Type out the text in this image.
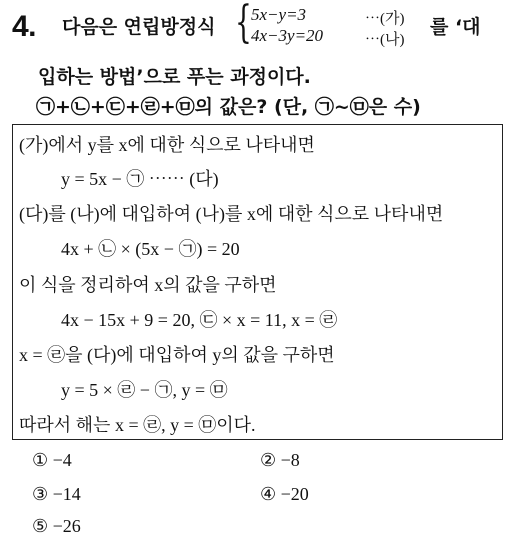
4. 다음은 연립방정식 { 5x−y=3	⋯(가)
4x−3y=20	⋯(나)
를 ‘대
입하는 방법’으로 푸는 과정이다.
㉠+㉡+㉢+㉣+㉤의 값은? (단, ㉠~㉤은 수)
(가)에서 y를 x에 대한 식으로 나타내면
y = 5x − ㉠ ⋯⋯ (다)
(다)를 (나)에 대입하여 (나)를 x에 대한 식으로 나타내면
4x + ㉡ × (5x − ㉠) = 20
이 식을 정리하여 x의 값을 구하면
4x − 15x + 9 = 20, ㉢ × x = 11, x = ㉣
x = ㉣을 (다)에 대입하여 y의 값을 구하면
y = 5 × ㉣ − ㉠, y = ㉤
따라서 해는 x = ㉣, y = ㉤이다.
① −4	② −8
③ −14	④ −20
⑤ −26
